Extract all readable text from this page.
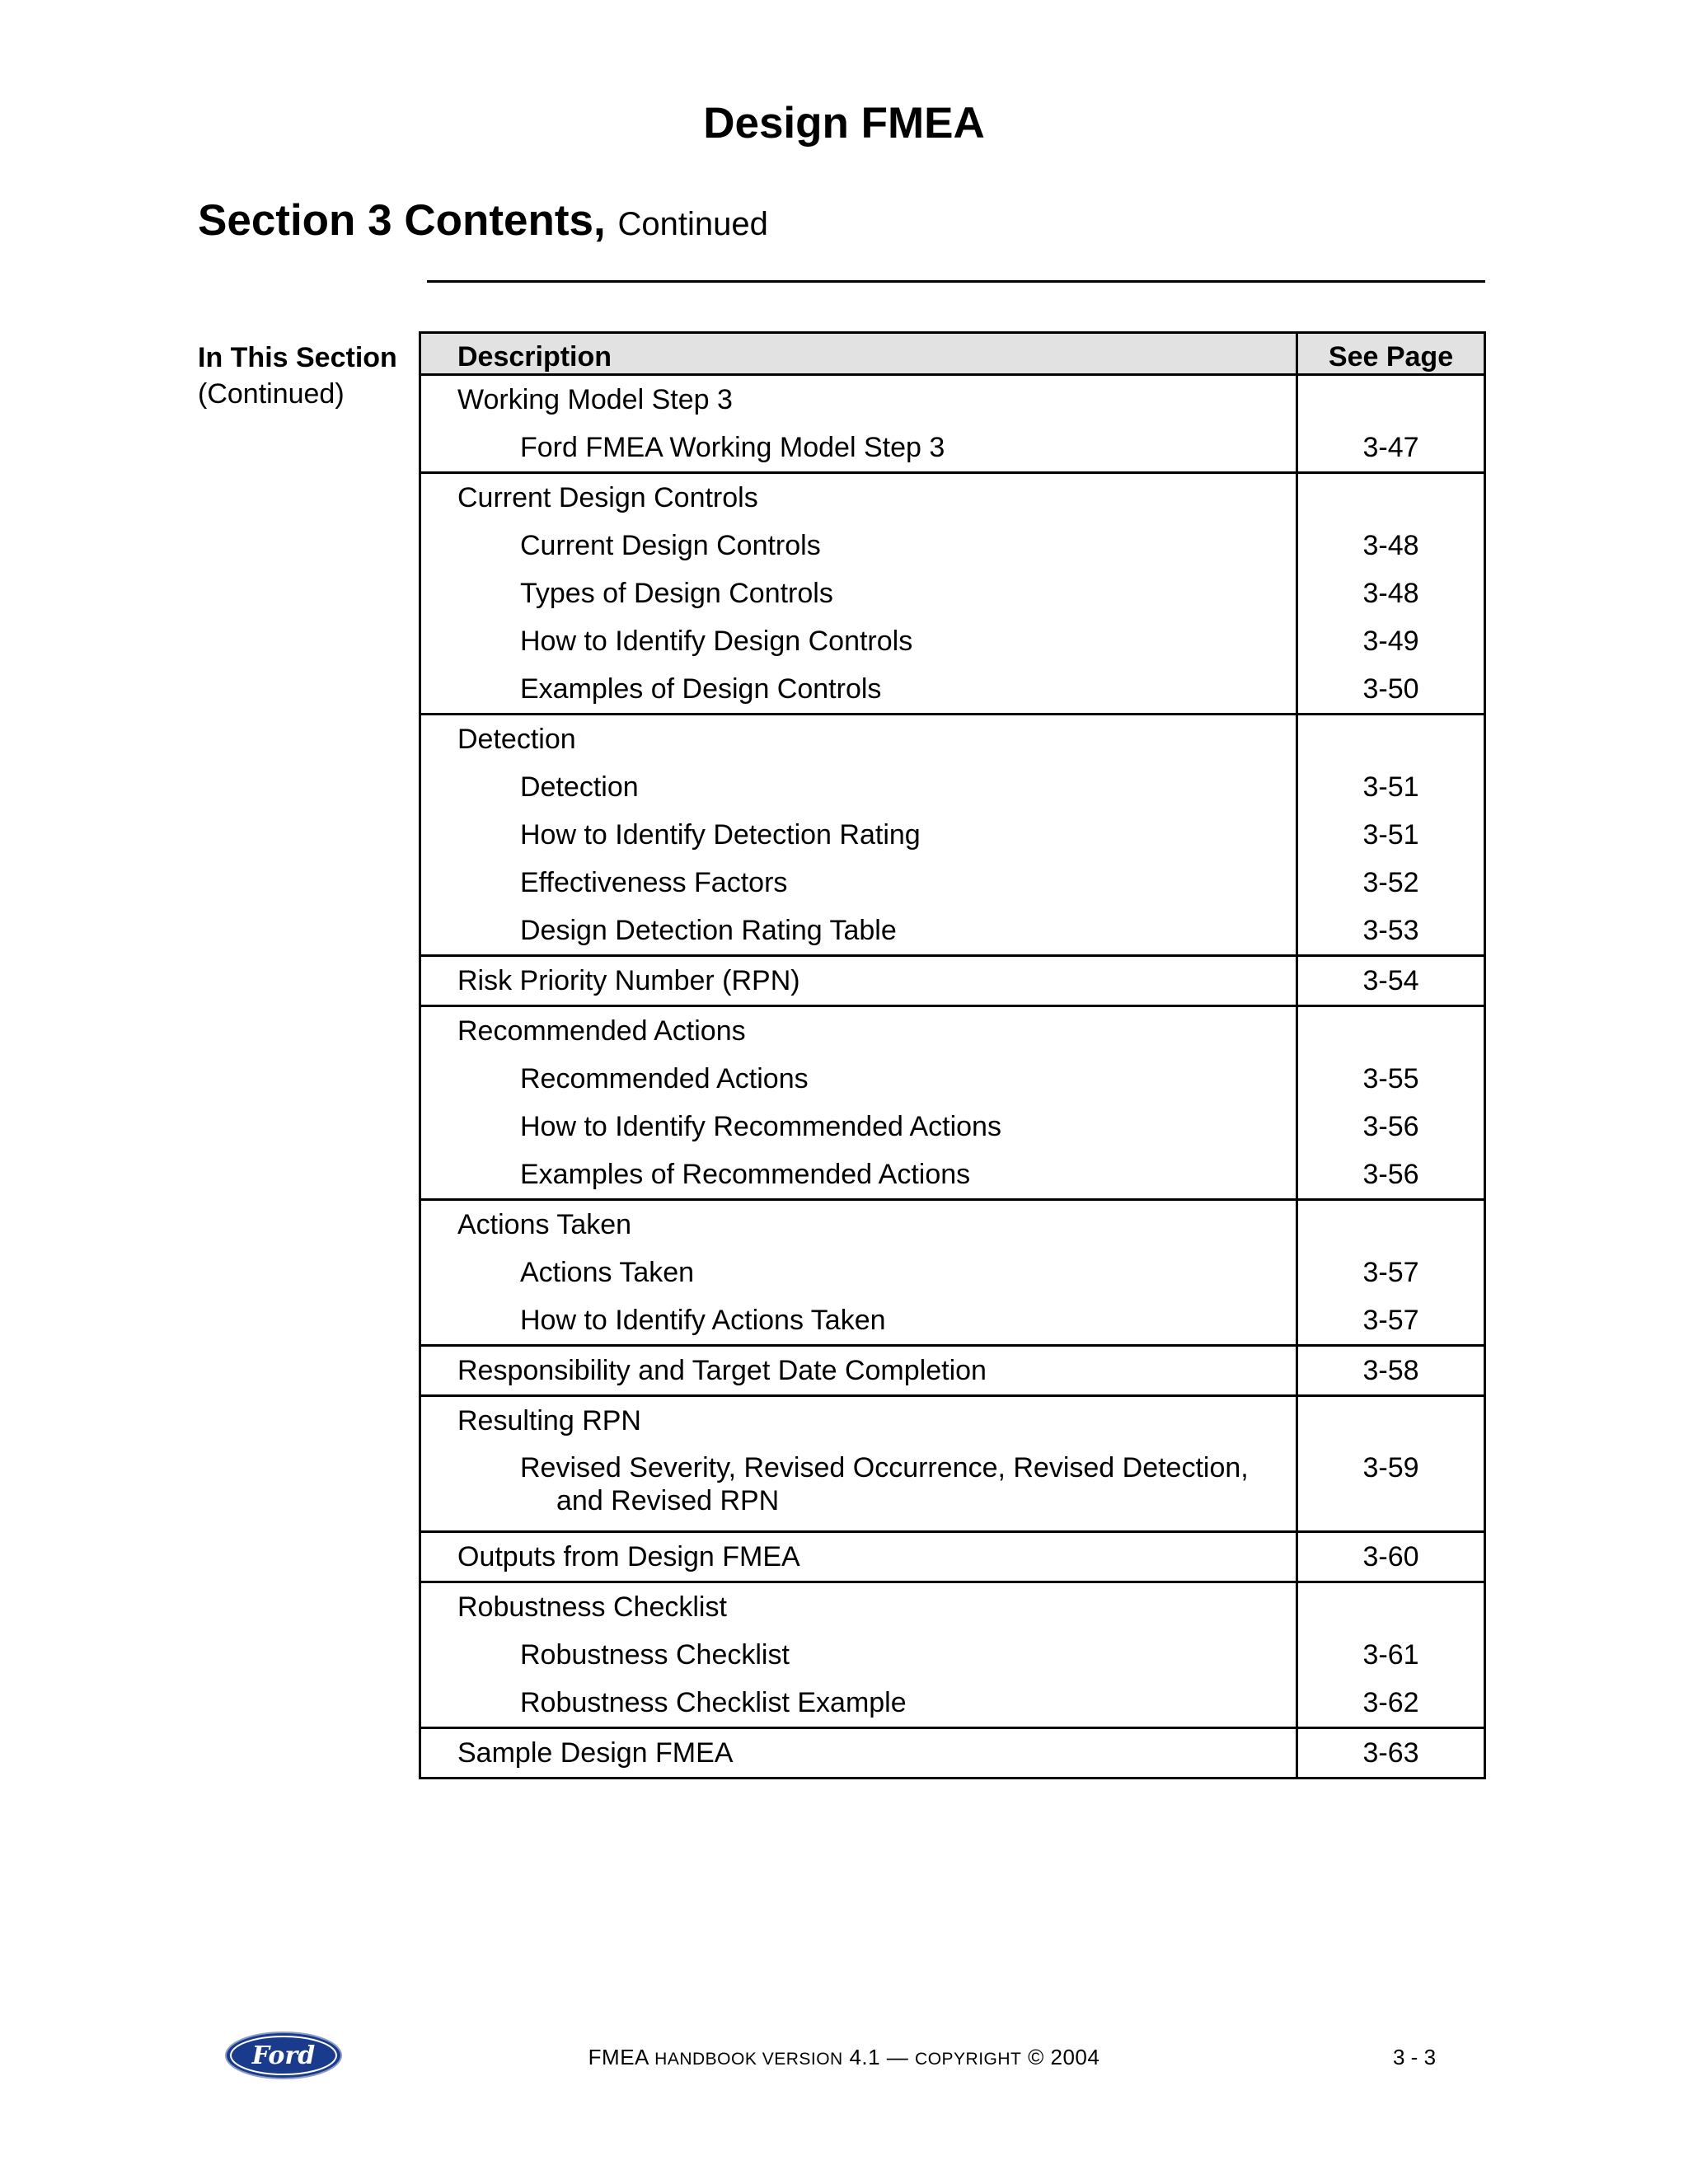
Design FMEA
Section 3 Contents, Continued
In This Section
(Continued)
Description	See Page
Working Model Step 3	
Ford FMEA Working Model Step 3	3-47
Current Design Controls	
Current Design Controls	3-48
Types of Design Controls	3-48
How to Identify Design Controls	3-49
Examples of Design Controls	3-50
Detection	
Detection	3-51
How to Identify Detection Rating	3-51
Effectiveness Factors	3-52
Design Detection Rating Table	3-53
Risk Priority Number (RPN)	3-54
Recommended Actions	
Recommended Actions	3-55
How to Identify Recommended Actions	3-56
Examples of Recommended Actions	3-56
Actions Taken	
Actions Taken	3-57
How to Identify Actions Taken	3-57
Responsibility and Target Date Completion	3-58
Resulting RPN	
Revised Severity, Revised Occurrence, Revised Detection,
and Revised RPN	3-59
Outputs from Design FMEA	3-60
Robustness Checklist	
Robustness Checklist	3-61
Robustness Checklist Example	3-62
Sample Design FMEA	3-63
Ford	FMEA HANDBOOK VERSION 4.1 — COPYRIGHT © 2004	3 - 3
